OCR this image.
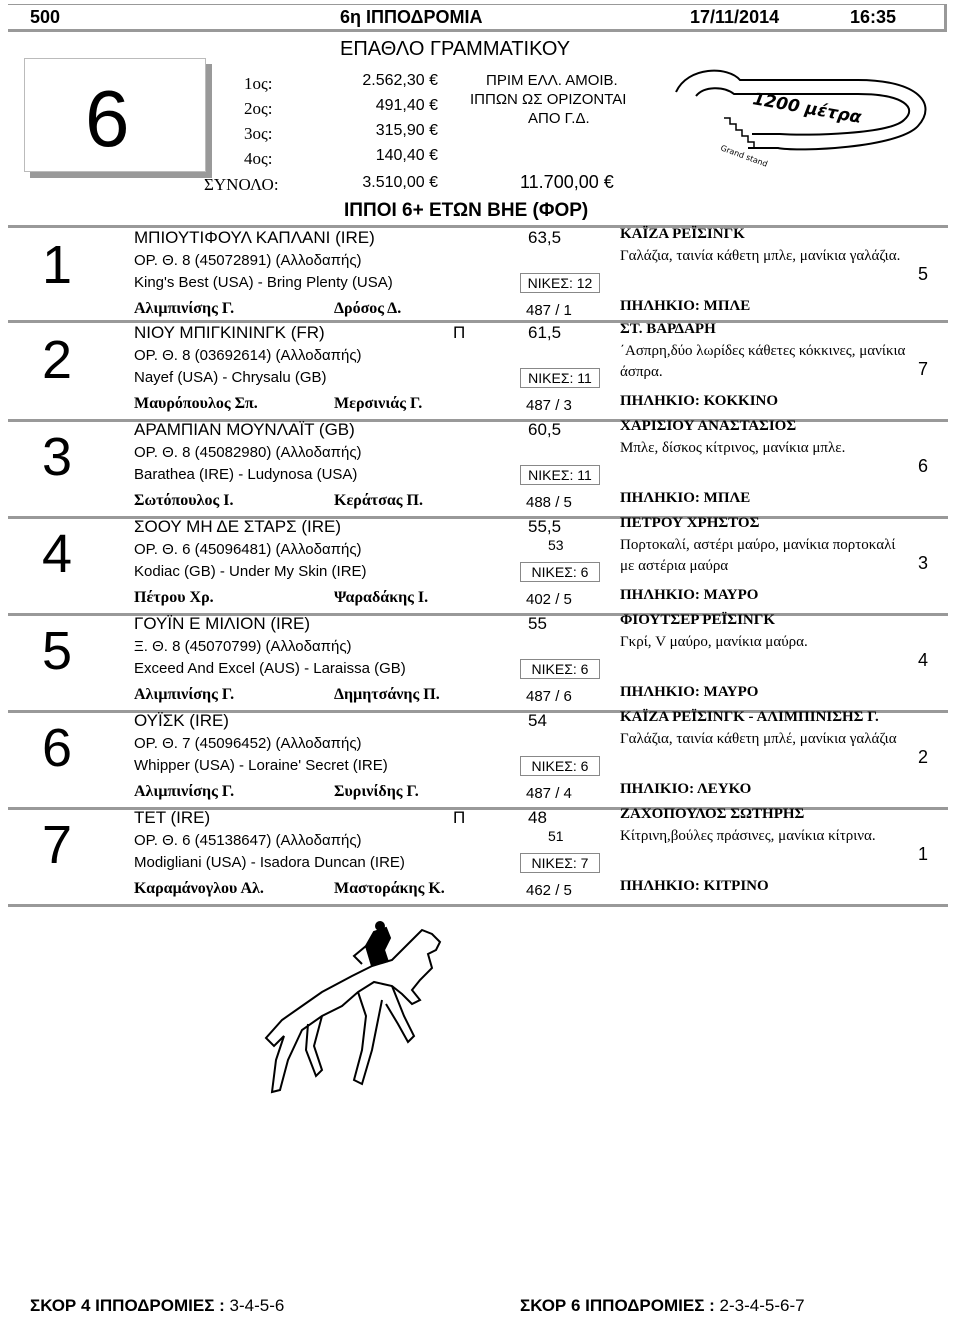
500	6η ΙΠΠΟΔΡΟΜΙΑ	17/11/2014	16:35
ΕΠΑΘΛΟ ΓΡΑΜΜΑΤΙΚΟΥ
6	1ος:	2.562,30 €
2ος:	491,40 €
3ος:	315,90 €
4ος:	140,40 €
ΣΥΝΟΛΟ:	3.510,00 €
ΠΡΙΜ ΕΛΛ. ΑΜΟΙΒ.
ΙΠΠΩΝ ΩΣ ΟΡΙΖΟΝΤΑΙ
ΑΠΟ Γ.Δ.
11.700,00 €
1200 μέτρα
Grand stand
ΙΠΠΟΙ 6+ ΕΤΩΝ ΒΗΕ (ΦΟΡ)
1	ΜΠΙΟΥΤΙΦΟΥΛ ΚΑΠΛΑΝΙ (IRE)	63,5
ΟΡ. Θ. 8 (45072891) (Αλλοδαπής)
King's Best (USA) - Bring Plenty (USA)	ΝΙΚΕΣ: 12
Αλιμπινίσης Γ.	Δρόσος Δ.	487 / 1
ΚΑΪΖΑ ΡΕΪΣΙΝΓΚ
Γαλάζια, ταινία κάθετη μπλε, μανίκια γαλάζια.
ΠΗΛΗΚΙΟ: ΜΠΛΕ
5
2	ΝΙΟΥ ΜΠΙΓΚΙΝΙΝΓΚ (FR)	Π	61,5
ΟΡ. Θ. 8 (03692614) (Αλλοδαπής)
Nayef (USA) - Chrysalu (GB)	ΝΙΚΕΣ: 11
Μαυρόπουλος Σπ.	Μερσινιάς Γ.	487 / 3
ΣΤ. ΒΑΡΔΑΡΗ
΄Ασπρη,δύο λωρίδες κάθετες κόκκινες, μανίκια άσπρα.
ΠΗΛΗΚΙΟ: ΚΟΚΚΙΝΟ
7
3	ΑΡΑΜΠΙΑΝ ΜΟΥΝΛΑΪΤ (GB)	60,5
ΟΡ. Θ. 8 (45082980) (Αλλοδαπής)
Barathea (IRE) - Ludynosa (USA)	ΝΙΚΕΣ: 11
Σωτόπουλος Ι.	Κεράτσας Π.	488 / 5
ΧΑΡΙΣΙΟΥ ΑΝΑΣΤΑΣΙΟΣ
Μπλε, δίσκος κίτρινος, μανίκια μπλε.
ΠΗΛΗΚΙΟ: ΜΠΛΕ
6
4	ΣΟΟΥ ΜΗ ΔΕ ΣΤΑΡΣ (IRE)	55,5
53
ΟΡ. Θ. 6 (45096481) (Αλλοδαπής)
Kodiac (GB) - Under My Skin (IRE)	ΝΙΚΕΣ: 6
Πέτρου Χρ.	Ψαραδάκης Ι.	402 / 5
ΠΕΤΡΟΥ ΧΡΗΣΤΟΣ
Πορτοκαλί, αστέρι μαύρο, μανίκια πορτοκαλί με αστέρια μαύρα
ΠΗΛΗΚΙΟ: ΜΑΥΡΟ
3
5	ΓΟΥΪΝ Ε ΜΙΛΙΟΝ (IRE)	55
Ξ. Θ. 8 (45070799) (Αλλοδαπής)
Exceed And Excel (AUS) - Laraissa (GB)	ΝΙΚΕΣ: 6
Αλιμπινίσης Γ.	Δημητσάνης Π.	487 / 6
ΦΙΟΥΤΣΕΡ ΡΕΪΣΙΝΓΚ
Γκρί, V μαύρο, μανίκια μαύρα.
ΠΗΛΗΚΙΟ: ΜΑΥΡΟ
4
6	ΟΥΪΣΚ (IRE)	54
ΟΡ. Θ. 7 (45096452) (Αλλοδαπής)
Whipper (USA) - Loraine' Secret (IRE)	ΝΙΚΕΣ: 6
Αλιμπινίσης Γ.	Συρινίδης Γ.	487 / 4
ΚΑΪΖΑ ΡΕΪΣΙΝΓΚ - ΑΛΙΜΠΙΝΙΣΗΣ Γ.
Γαλάζια, ταινία κάθετη μπλέ, μανίκια γαλάζια
ΠΗΛΙΚΙΟ: ΛΕΥΚΟ
2
7	ΤΕΤ (IRE)	Π	48
51
ΟΡ. Θ. 6 (45138647) (Αλλοδαπής)
Modigliani (USA) - Isadora Duncan (IRE)	ΝΙΚΕΣ: 7
Καραμάνογλου Αλ.	Μαστοράκης Κ.	462 / 5
ΖΑΧΟΠΟΥΛΟΣ ΣΩΤΗΡΗΣ
Κίτρινη,βούλες πράσινες, μανίκια κίτρινα.
ΠΗΛΗΚΙΟ: ΚΙΤΡΙΝΟ
1
ΣΚΟΡ 4 ΙΠΠΟΔΡΟΜΙΕΣ : 3-4-5-6	ΣΚΟΡ 6 ΙΠΠΟΔΡΟΜΙΕΣ : 2-3-4-5-6-7
